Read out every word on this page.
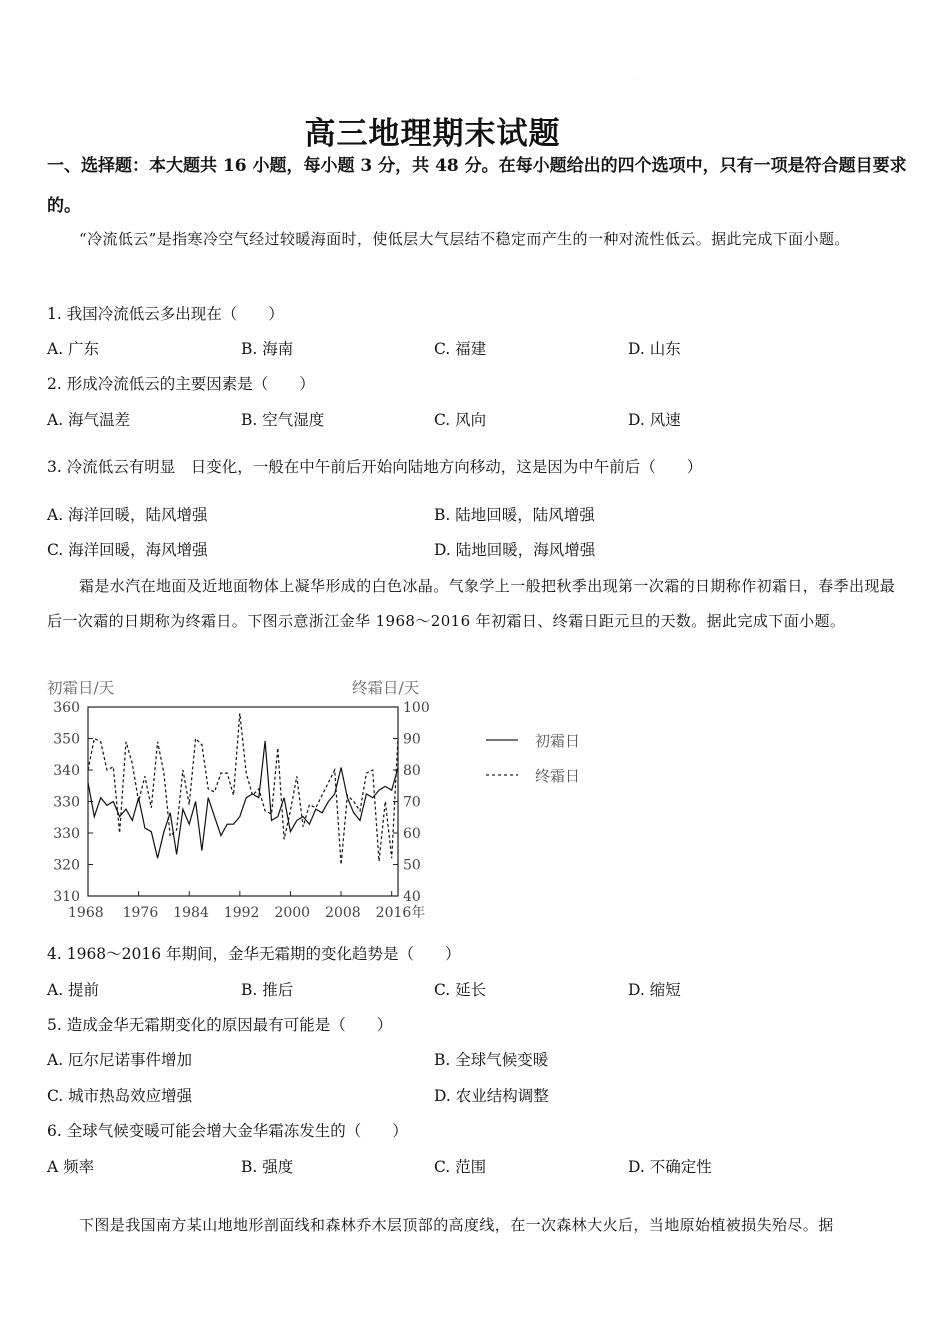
·
高三地理期末试题
一、选择题：本大题共 16 小题，每小题 3 分，共 48 分。在每小题给出的四个选项中，只有一项是符合题目要求的。
“冷流低云”是指寒冷空气经过较暖海面时，使低层大气层结不稳定而产生的一种对流性低云。据此完成下面小题。
1. 我国冷流低云多出现在（　　）
A. 广东	B. 海南	C. 福建	D. 山东
2. 形成冷流低云的主要因素是（　　）
A. 海气温差	B. 空气湿度	C. 风向	D. 风速
3. 冷流低云有明显　日变化，一般在中午前后开始向陆地方向移动，这是因为中午前后（　　）
A. 海洋回暖，陆风增强	B. 陆地回暖，陆风增强
C. 海洋回暖，海风增强	D. 陆地回暖，海风增强
霜是水汽在地面及近地面物体上凝华形成的白色冰晶。气象学上一般把秋季出现第一次霜的日期称作初霜日，春季出现最后一次霜的日期称为终霜日。下图示意浙江金华 1968～2016 年初霜日、终霜日距元旦的天数。据此完成下面小题。
初霜日/天	终霜日/天
360
350
340
330
330
320
310
100
90
80
70
60
50
40
1968 1976 1984 1992 2000 2008 2016年
初霜日
终霜日
4. 1968～2016 年期间，金华无霜期的变化趋势是（　　）
A. 提前	B. 推后	C. 延长	D. 缩短
5. 造成金华无霜期变化的原因最有可能是（　　）
A. 厄尔尼诺事件增加	B. 全球气候变暖
C. 城市热岛效应增强	D. 农业结构调整
6. 全球气候变暖可能会增大金华霜冻发生的（　　）
A 频率	B. 强度	C. 范围	D. 不确定性
下图是我国南方某山地地形剖面线和森林乔木层顶部的高度线，在一次森林大火后，当地原始植被损失殆尽。据
